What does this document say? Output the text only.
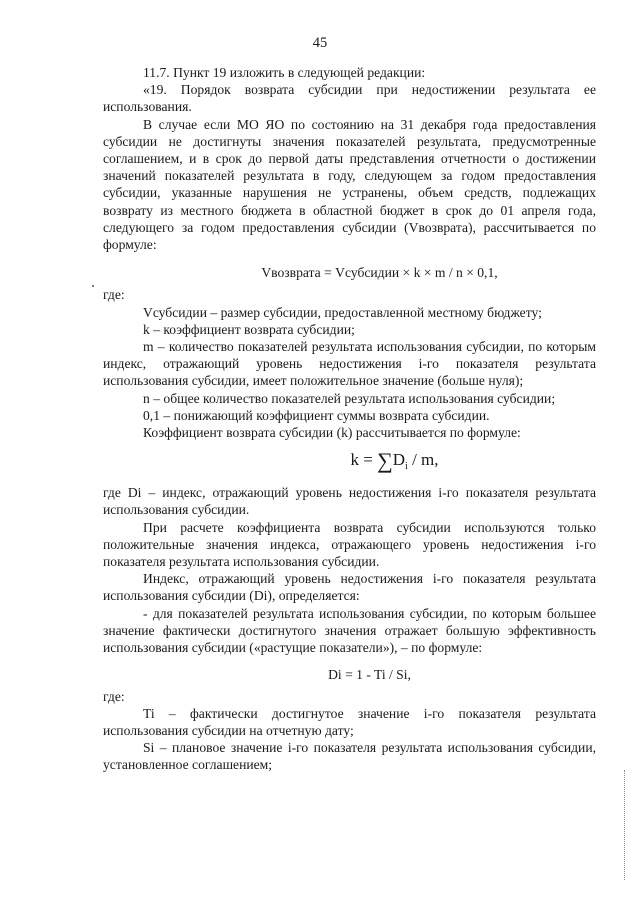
45

11.7. Пункт 19 изложить в следующей редакции:

«19. Порядок возврата субсидии при недостижении результата ее использования.

В случае если МО ЯО по состоянию на 31 декабря года предоставления субсидии не достигнуты значения показателей результата, предусмотренные соглашением, и в срок до первой даты представления отчетности о достижении значений показателей результата в году, следующем за годом предоставления субсидии, указанные нарушения не устранены, объем средств, подлежащих возврату из местного бюджета в областной бюджет в срок до 01 апреля года, следующего за годом предоставления субсидии (Vвозврата), рассчитывается по формуле:

Vвозврата = Vсубсидии × k × m / n × 0,1,

где:

Vсубсидии – размер субсидии, предоставленной местному бюджету;

k – коэффициент возврата субсидии;

m – количество показателей результата использования субсидии, по которым индекс, отражающий уровень недостижения i-го показателя результата использования субсидии, имеет положительное значение (больше нуля);

n – общее количество показателей результата использования субсидии;

0,1 – понижающий коэффициент суммы возврата субсидии.

Коэффициент возврата субсидии (k) рассчитывается по формуле:

$k = \sum D_i / m$,

где Di – индекс, отражающий уровень недостижения i-го показателя результата использования субсидии.

При расчете коэффициента возврата субсидии используются только положительные значения индекса, отражающего уровень недостижения i-го показателя результата использования субсидии.

Индекс, отражающий уровень недостижения i-го показателя результата использования субсидии (Di), определяется:

- для показателей результата использования субсидии, по которым большее значение фактически достигнутого значения отражает большую эффективность использования субсидии («растущие показатели»), – по формуле:

Di = 1 - Ti / Si,

где:

Ti – фактически достигнутое значение i-го показателя результата использования субсидии на отчетную дату;

Si – плановое значение i-го показателя результата использования субсидии, установленное соглашением;
